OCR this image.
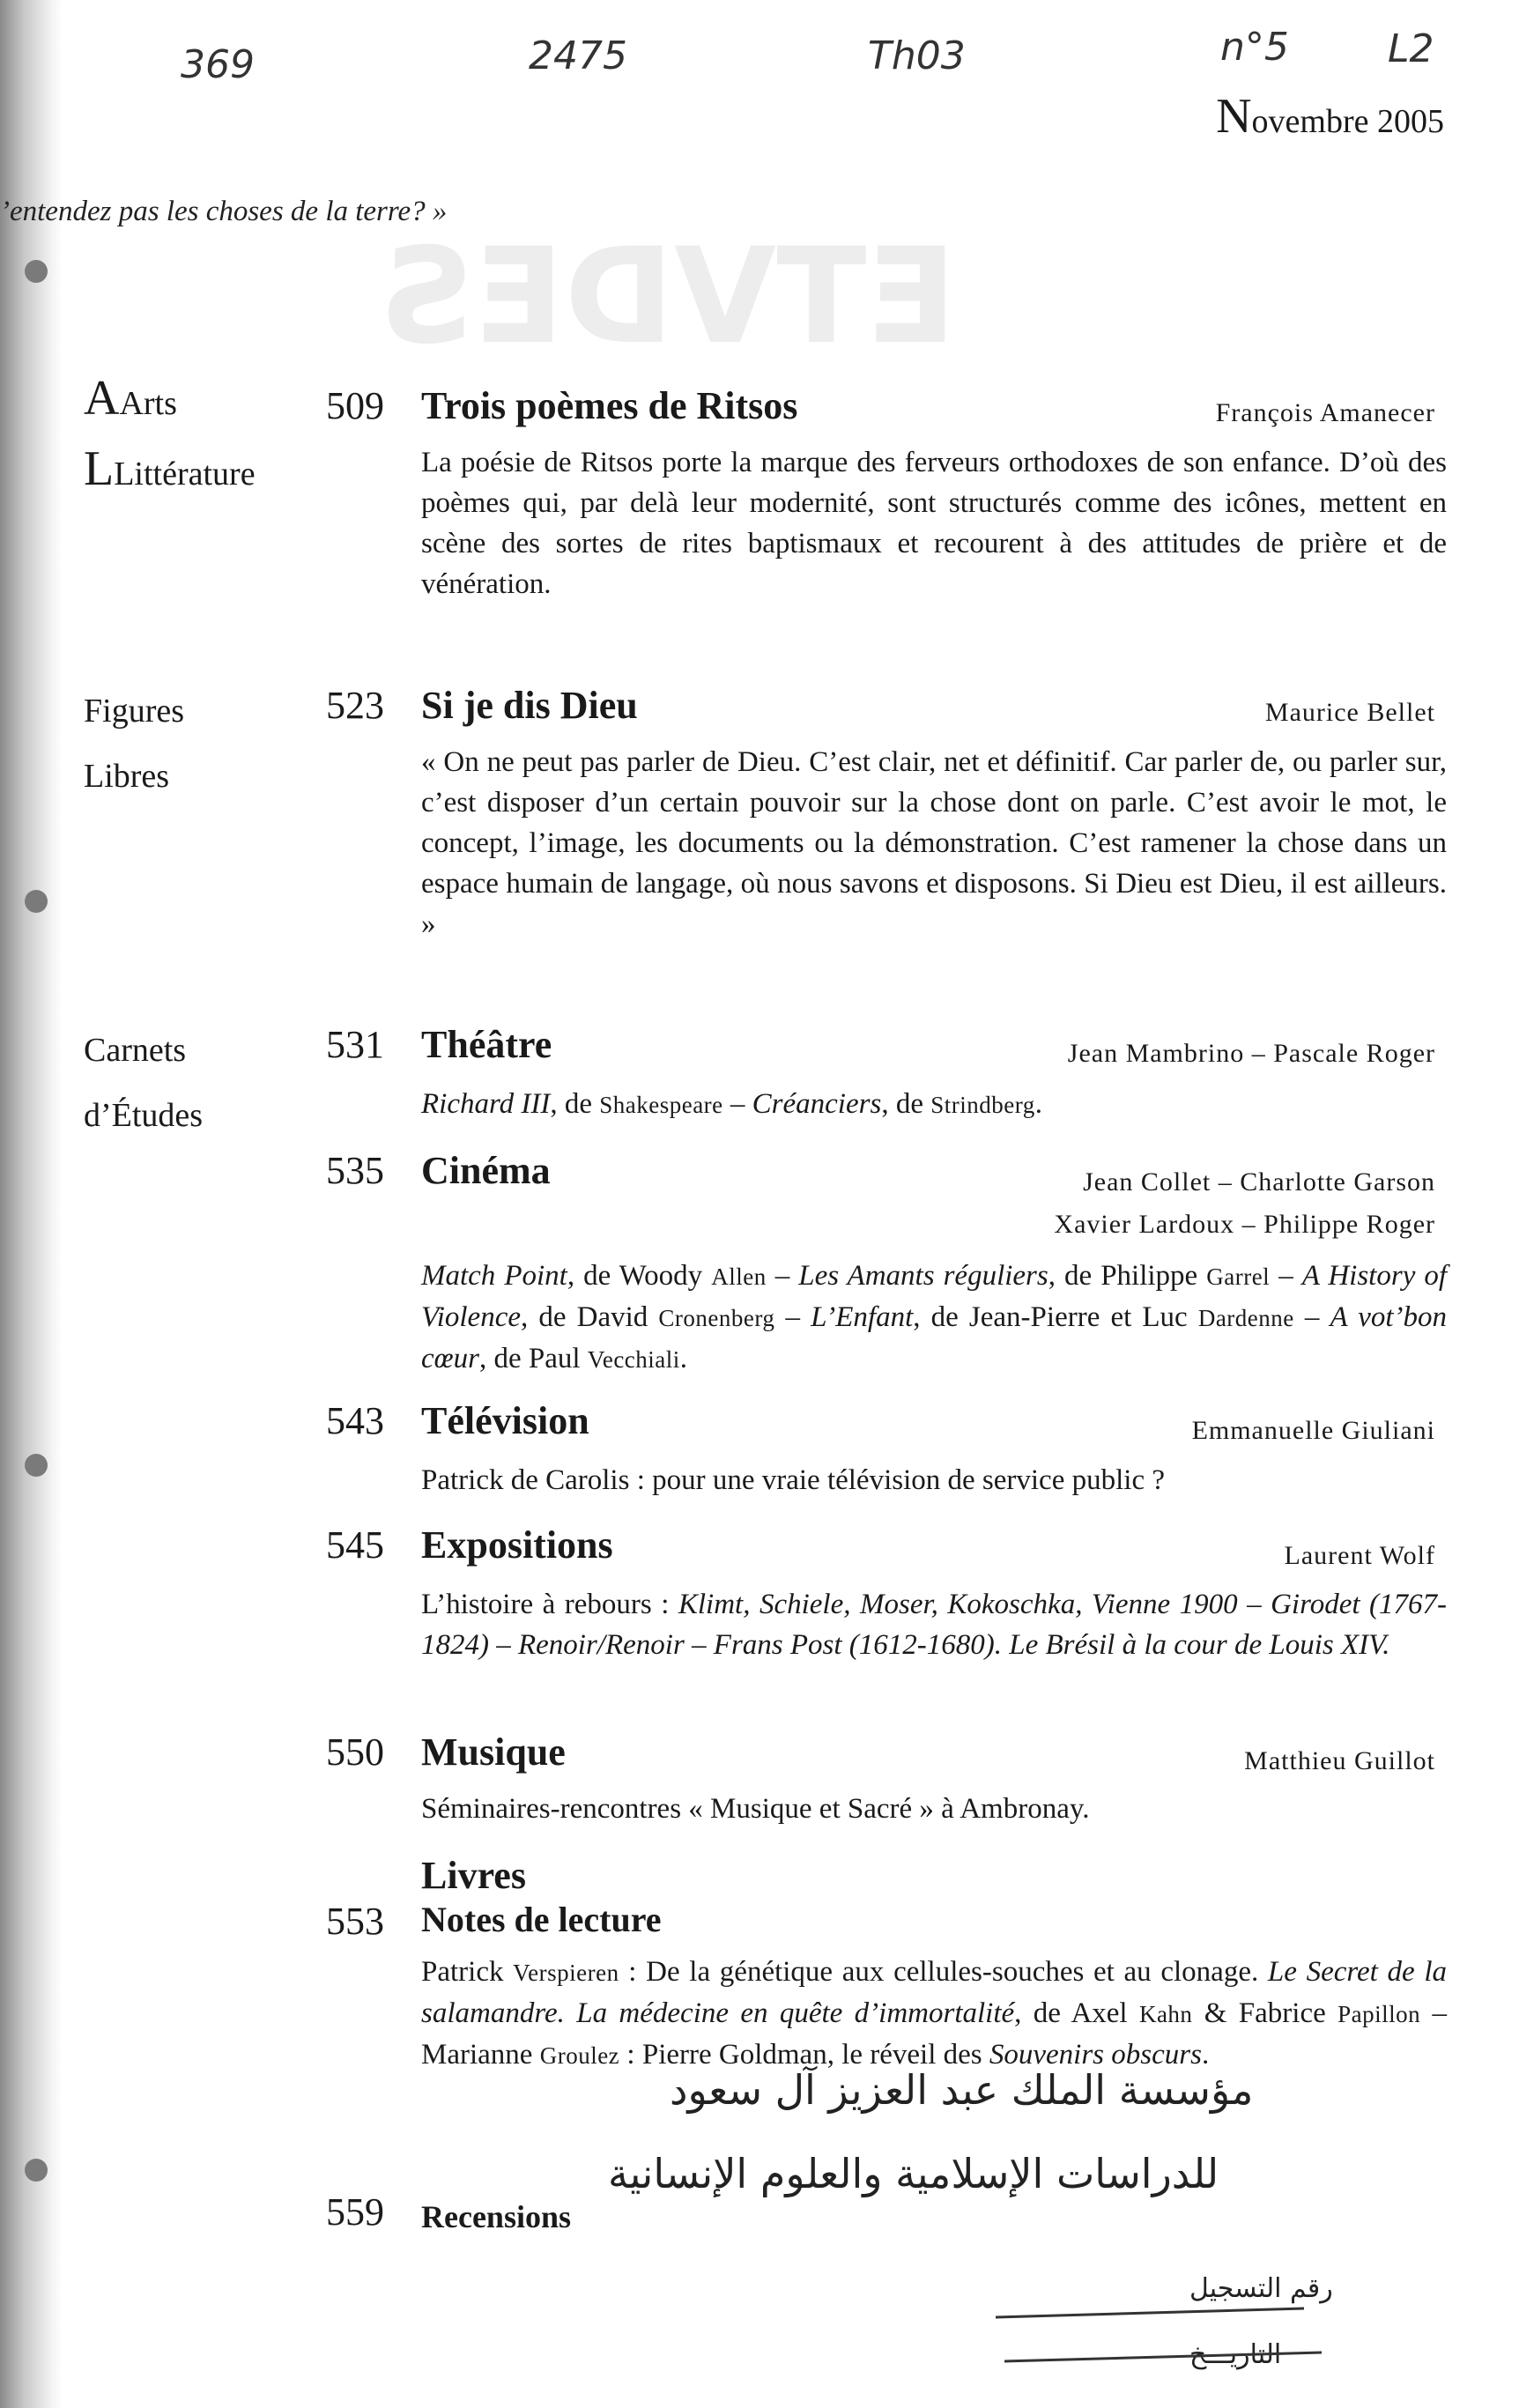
ETVDES
369	2475	Th03	n°5	L2
Novembre 2005
’entendez pas les choses de la terre? »
AArts
LLittérature
Figures
Libres
Carnets
d’Études
509 Trois poèmes de Ritsos	François Amanecer
La poésie de Ritsos porte la marque des ferveurs orthodoxes de son enfance. D’où des poèmes qui, par delà leur modernité, sont structurés comme des icônes, mettent en scène des sortes de rites baptismaux et recourent à des attitudes de prière et de vénération.
523 Si je dis Dieu	Maurice Bellet
« On ne peut pas parler de Dieu. C’est clair, net et définitif. Car parler de, ou parler sur, c’est disposer d’un certain pouvoir sur la chose dont on parle. C’est avoir le mot, le concept, l’image, les documents ou la démonstration. C’est ramener la chose dans un espace humain de langage, où nous savons et disposons. Si Dieu est Dieu, il est ailleurs. »
531 Théâtre	Jean Mambrino – Pascale Roger
Richard III, de Shakespeare – Créanciers, de Strindberg.
535 Cinéma	Jean Collet – Charlotte Garson
Xavier Lardoux – Philippe Roger
Match Point, de Woody Allen – Les Amants réguliers, de Philippe Garrel – A History of Violence, de David Cronenberg – L’Enfant, de Jean-Pierre et Luc Dardenne – A vot’bon cœur, de Paul Vecchiali.
543 Télévision	Emmanuelle Giuliani
Patrick de Carolis : pour une vraie télévision de service public ?
545 Expositions	Laurent Wolf
L’histoire à rebours : Klimt, Schiele, Moser, Kokoschka, Vienne 1900 – Girodet (1767-1824) – Renoir/Renoir – Frans Post (1612-1680). Le Brésil à la cour de Louis XIV.
550 Musique	Matthieu Guillot
Séminaires-rencontres « Musique et Sacré » à Ambronay.
Livres
553 Notes de lecture
Patrick Verspieren : De la génétique aux cellules-souches et au clonage. Le Secret de la salamandre. La médecine en quête d’immortalité, de Axel Kahn & Fabrice Papillon – Marianne Groulez : Pierre Goldman, le réveil des Souvenirs obscurs.
559 Recensions
مؤسسة الملك عبد العزيز آل سعود
للدراسات الإسلامية والعلوم الإنسانية
رقم التسجيل
التاريـــخ
